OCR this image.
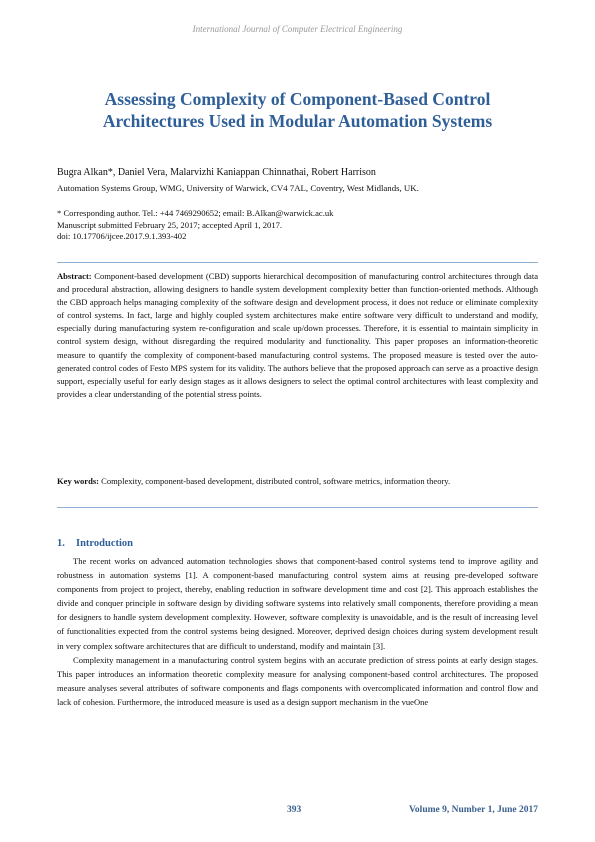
International Journal of Computer Electrical Engineering
Assessing Complexity of Component-Based Control
Architectures Used in Modular Automation Systems
Bugra Alkan*, Daniel Vera, Malarvizhi Kaniappan Chinnathai, Robert Harrison
Automation Systems Group, WMG, University of Warwick, CV4 7AL, Coventry, West Midlands, UK.
* Corresponding author. Tel.: +44 7469290652; email: B.Alkan@warwick.ac.uk
Manuscript submitted February 25, 2017; accepted April 1, 2017.
doi: 10.17706/ijcee.2017.9.1.393-402
Abstract: Component-based development (CBD) supports hierarchical decomposition of manufacturing control architectures through data and procedural abstraction, allowing designers to handle system development complexity better than function-oriented methods. Although the CBD approach helps managing complexity of the software design and development process, it does not reduce or eliminate complexity of control systems. In fact, large and highly coupled system architectures make entire software very difficult to understand and modify, especially during manufacturing system re-configuration and scale up/down processes. Therefore, it is essential to maintain simplicity in control system design, without disregarding the required modularity and functionality. This paper proposes an information-theoretic measure to quantify the complexity of component-based manufacturing control systems. The proposed measure is tested over the auto-generated control codes of Festo MPS system for its validity. The authors believe that the proposed approach can serve as a proactive design support, especially useful for early design stages as it allows designers to select the optimal control architectures with least complexity and provides a clear understanding of the potential stress points.
Key words: Complexity, component-based development, distributed control, software metrics, information theory.
1. Introduction

The recent works on advanced automation technologies shows that component-based control systems tend to improve agility and robustness in automation systems [1]. A component-based manufacturing control system aims at reusing pre-developed software components from project to project, thereby, enabling reduction in software development time and cost [2]. This approach establishes the divide and conquer principle in software design by dividing software systems into relatively small components, therefore providing a mean for designers to handle system development complexity. However, software complexity is unavoidable, and is the result of increasing level of functionalities expected from the control systems being designed. Moreover, deprived design choices during system development result in very complex software architectures that are difficult to understand, modify and maintain [3].

Complexity management in a manufacturing control system begins with an accurate prediction of stress points at early design stages. This paper introduces an information theoretic complexity measure for analysing component-based control architectures. The proposed measure analyses several attributes of software components and flags components with overcomplicated information and control flow and lack of cohesion. Furthermore, the introduced measure is used as a design support mechanism in the vueOne

393	Volume 9, Number 1, June 2017
